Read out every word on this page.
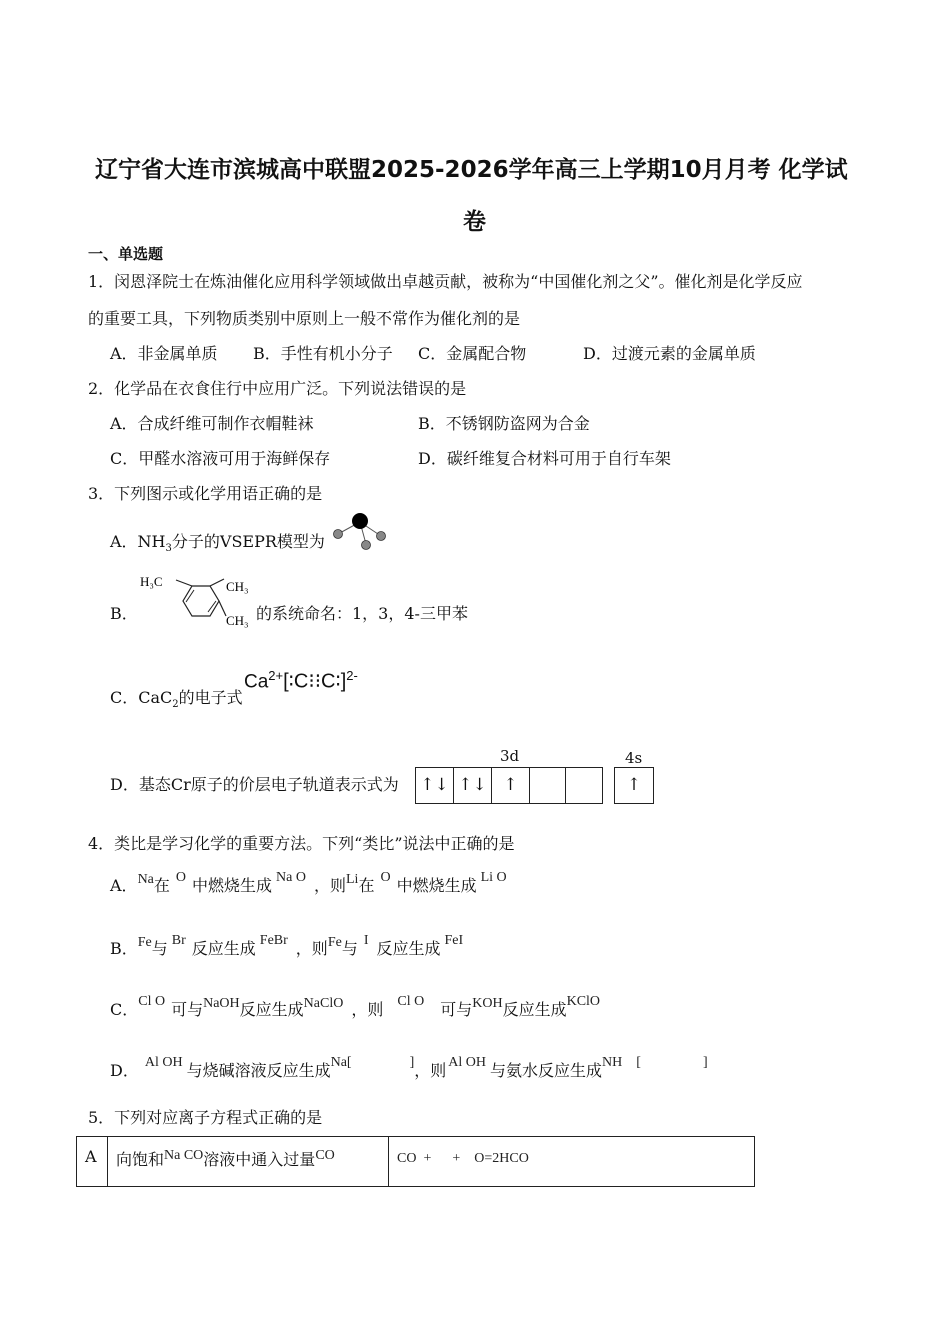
辽宁省大连市滨城高中联盟2025-2026学年高三上学期10月月考 化学试
卷
一、单选题
1．闵恩泽院士在炼油催化应用科学领域做出卓越贡献，被称为“中国催化剂之父”。催化剂是化学反应
的重要工具，下列物质类别中原则上一般不常作为催化剂的是
A．非金属单质 B．手性有机小分子 C．金属配合物	D．过渡元素的金属单质
2．化学品在衣食住行中应用广泛。下列说法错误的是
A．合成纤维可制作衣帽鞋袜	B．不锈钢防盗网为合金
C．甲醛水溶液可用于海鲜保存	D．碳纤维复合材料可用于自行车架
3．下列图示或化学用语正确的是
A．$NH_3$分子的VSEPR模型为
B．
H₃C	CH₃
CH₃ 的系统命名：1，3，4-三甲苯
C．CaC$_2$的电子式
$Ca^{2+}[∶C⁝⁝C∶]^{2-}$
D．基态Cr原子的价层电子轨道表示式为
3d	4s
↑↓ ↑↓ ↑	↑
4．类比是学习化学的重要方法。下列“类比”说法中正确的是
A．Na在 O 中燃烧生成 Na O ，则Li在 O 中燃烧生成 Li O
B．Fe与 Br 反应生成 FeBr ，则Fe与 I 反应生成 FeI
C．Cl O 可与NaOH反应生成NaClO ，则 Cl O 可与KOH反应生成KClO
D． Al OH 与烧碱溶液反应生成Na[	]，则 Al OH 与氨水反应生成NH [	]
5．下列对应离子方程式正确的是
A	向饱和Na CO溶液中通入过量CO	CO  +      +    O=2HCO
